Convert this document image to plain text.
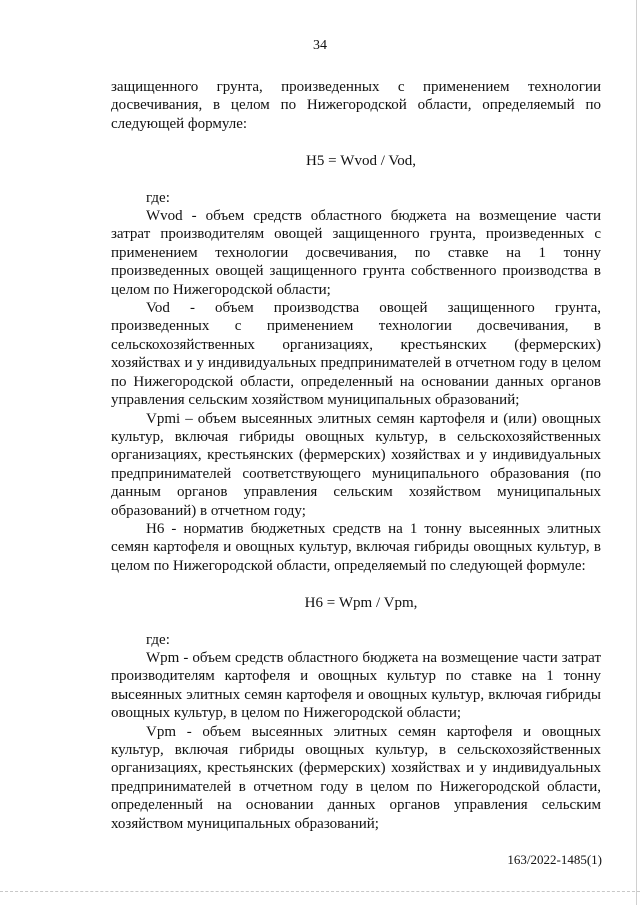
34

защищенного грунта, произведенных с применением технологии досвечивания, в целом по Нижегородской области, определяемый по следующей формуле:

Н5 = Wvod / Vod,

где:

Wvod - объем средств областного бюджета на возмещение части затрат производителям овощей защищенного грунта, произведенных с применением технологии досвечивания, по ставке на 1 тонну произведенных овощей защищенного грунта собственного производства в целом по Нижегородской области;

Vod - объем производства овощей защищенного грунта, произведенных с применением технологии досвечивания, в сельскохозяйственных организациях, крестьянских (фермерских) хозяйствах и у индивидуальных предпринимателей в отчетном году в целом по Нижегородской области, определенный на основании данных органов управления сельским хозяйством муниципальных образований;

Vpmi – объем высеянных элитных семян картофеля и (или) овощных культур, включая гибриды овощных культур, в сельскохозяйственных организациях, крестьянских (фермерских) хозяйствах и у индивидуальных предпринимателей соответствующего муниципального образования (по данным органов управления сельским хозяйством муниципальных образований) в отчетном году;

Н6 - норматив бюджетных средств на 1 тонну высеянных элитных семян картофеля и овощных культур, включая гибриды овощных культур, в целом по Нижегородской области, определяемый по следующей формуле:

Н6 = Wpm / Vpm,

где:

Wpm - объем средств областного бюджета на возмещение части затрат производителям картофеля и овощных культур по ставке на 1 тонну высеянных элитных семян картофеля и овощных культур, включая гибриды овощных культур, в целом по Нижегородской области;

Vpm - объем высеянных элитных семян картофеля и овощных культур, включая гибриды овощных культур, в сельскохозяйственных организациях, крестьянских (фермерских) хозяйствах и у индивидуальных предпринимателей в отчетном году в целом по Нижегородской области, определенный на основании данных органов управления сельским хозяйством муниципальных образований;

163/2022-1485(1)
